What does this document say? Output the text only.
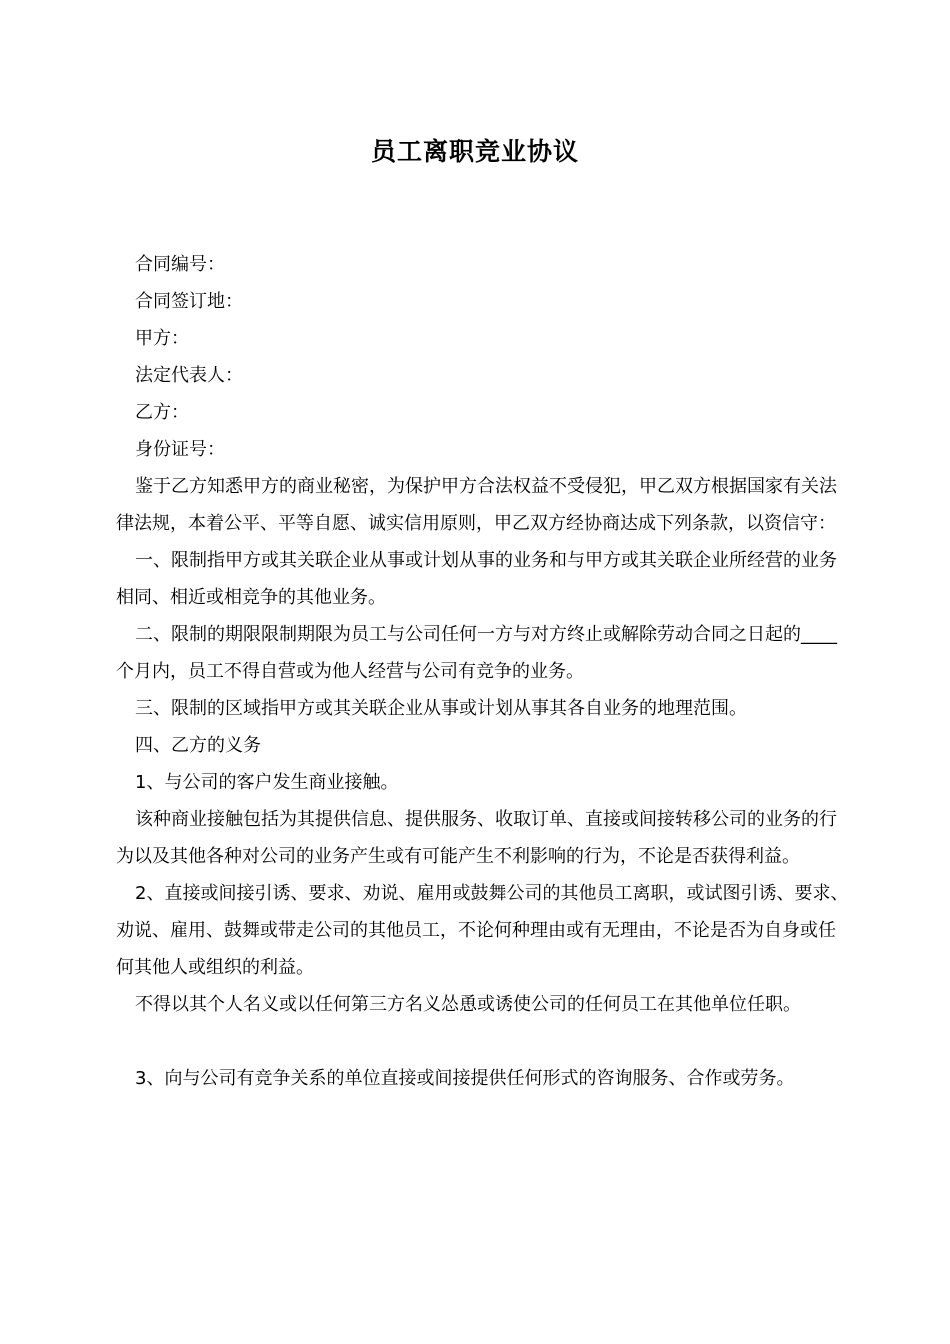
员工离职竞业协议

合同编号：

合同签订地：

甲方：

法定代表人：

乙方：

身份证号：

鉴于乙方知悉甲方的商业秘密，为保护甲方合法权益不受侵犯，甲乙双方根据国家有关法律法规，本着公平、平等自愿、诚实信用原则，甲乙双方经协商达成下列条款，以资信守：

一、限制指甲方或其关联企业从事或计划从事的业务和与甲方或其关联企业所经营的业务相同、相近或相竞争的其他业务。

二、限制的期限限制期限为员工与公司任何一方与对方终止或解除劳动合同之日起的____个月内，员工不得自营或为他人经营与公司有竞争的业务。

三、限制的区域指甲方或其关联企业从事或计划从事其各自业务的地理范围。

四、乙方的义务

1、与公司的客户发生商业接触。

该种商业接触包括为其提供信息、提供服务、收取订单、直接或间接转移公司的业务的行为以及其他各种对公司的业务产生或有可能产生不利影响的行为，不论是否获得利益。

2、直接或间接引诱、要求、劝说、雇用或鼓舞公司的其他员工离职，或试图引诱、要求、劝说、雇用、鼓舞或带走公司的其他员工，不论何种理由或有无理由，不论是否为自身或任何其他人或组织的利益。

不得以其个人名义或以任何第三方名义怂恿或诱使公司的任何员工在其他单位任职。

3、向与公司有竞争关系的单位直接或间接提供任何形式的咨询服务、合作或劳务。
